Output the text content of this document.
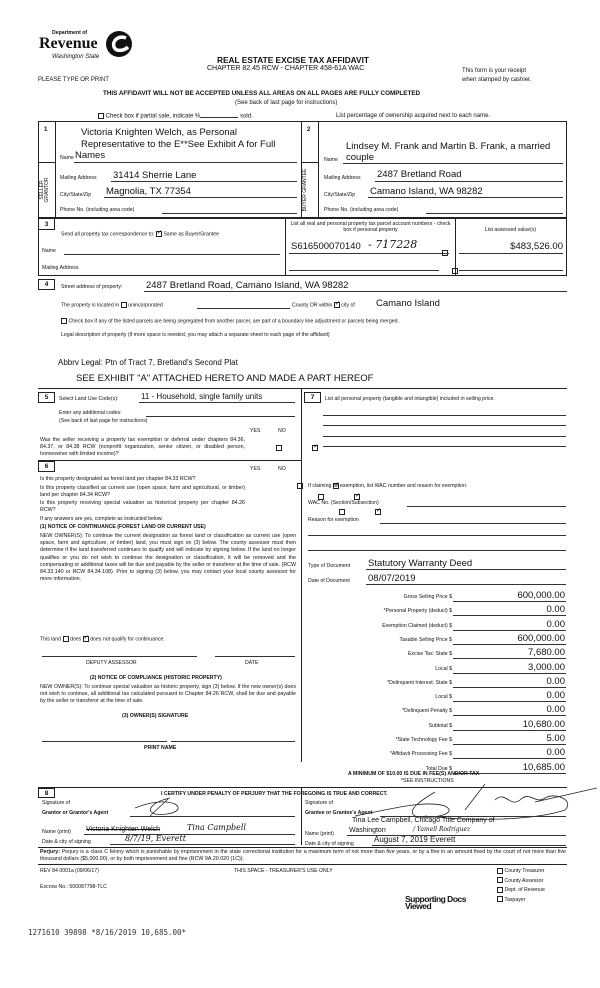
Department of
Revenue
Washington State
PLEASE TYPE OR PRINT
REAL ESTATE EXCISE TAX AFFIDAVIT
CHAPTER 82.45 RCW - CHAPTER 458-61A WAC	This form is your receipt
when stamped by cashier.
THIS AFFIDAVIT WILL NOT BE ACCEPTED UNLESS ALL AREAS ON ALL PAGES ARE FULLY COMPLETED
(See back of last page for instructions)
Check box if partial sale, indicate %	sold.	List percentage of ownership acquired next to each name.
1	2
SELLER GRANTOR	BUYER GRANTEE
Victoria Knighten Welch, as Personal
Representative to the E**See Exhibit A for Full
Name Names
Mailing Address 31414 Sherrie Lane
City/State/Zip Magnolia, TX 77354
Phone No. (including area code)
Lindsey M. Frank and Martin B. Frank, a married
Name couple
Mailing Address 2487 Bretland Road
City/State/Zip Camano Island, WA 98282
Phone No. (including area code)
3
Send all property tax correspondence to: ✓ Same as Buyer/Grantee
Name
Mailing Address
List all real and personal property tax parcel account numbers - check box if personal property	List assessed value(s)
S616500070140 - 717228
	$483,526.00

4	Street address of property: 2487 Bretland Road, Camano Island, WA 98282
The property is located in unincorporated	County OR within ✓ city of Camano Island
Check box if any of the listed parcels are being segregated from another parcel, are part of a boundary line adjustment or parcels being merged.
Legal description of property (if more space is needed, you may attach a separate sheet to each page of the affidavit)
Abbrv Legal: Ptn of Tract 7, Bretland's Second Plat
SEE EXHIBIT "A" ATTACHED HERETO AND MADE A PART HEREOF
5	Select Land Use Code(s):	11 - Household, single family units
Enter any additional codes:
(See back of last page for instructions)
YES	NO
Was the seller receiving a property tax exemption or deferral under chapters 84.36, 84.37, or 84.38 RCW (nonprofit organization, senior citizen, or disabled person, homeowner with limited income)?
✓
6	YES	NO
Is this property designated as forest land per chapter 84.33 RCW?
✓
Is this property classified as current use (open space, farm and agricultural, or timber) land per chapter 84.34 RCW?
✓
Is this property receiving special valuation as historical property per chapter 84.26 RCW?
✓
If any answers are yes, complete as instructed below.
(1) NOTICE OF CONTINUANCE (FOREST LAND OR CURRENT USE)
NEW OWNER(S): To continue the current designation as forest land or classification as current use (open space, farm and agriculture, or timber) land, you must sign on (3) below. The county assessor must then determine if the land transferred continues to qualify and will indicate by signing below. If the land no longer qualifies or you do not wish to continue the designation or classification, it will be removed and the compensating or additional taxes will be due and payable by the seller or transferor at the time of sale. (RCW 84.33.140 or RCW 84.34.108). Prior to signing (3) below, you may contact your local county assessor for more information.
This land does ✓ does not qualify for continuance.
DEPUTY ASSESSOR	DATE
(2) NOTICE OF COMPLIANCE (HISTORIC PROPERTY)
NEW OWNER(S): To continue special valuation as historic property, sign (3) below. If the new owner(s) does not wish to continue, all additional tax calculated pursuant to Chapter 84.26 RCW, shall be due and payable by the seller or transferor at the time of sale.
(3) OWNER(S) SIGNATURE
PRINT NAME
7	List all personal property (tangible and intangible) included in selling price.
If claiming an exemption, list WAC number and reason for exemption:
WAC No. (Section/Subsection)
Reason for exemption
Type of Document Statutory Warranty Deed
Date of Document 08/07/2019
Gross Selling Price $	600,000.00
*Personal Property (deduct) $	0.00
Exemption Claimed (deduct) $	0.00
Taxable Selling Price $	600,000.00
Excise Tax: State $	7,680.00
Local $	3,000.00
*Delinquent Interest: State $	0.00
Local $	0.00
*Delinquent Penalty $	0.00
Subtotal $	10,680.00
*State Technology Fee $	5.00
*Affidavit Processing Fee $	0.00
Total Due $	10,685.00
A MINIMUM OF $10.00 IS DUE IN FEE(S) AND/OR TAX
*SEE INSTRUCTIONS
8	I CERTIFY UNDER PENALTY OF PERJURY THAT THE FOREGOING IS TRUE AND CORRECT.
Signature of
Grantor or Grantor's Agent
Name (print) Victoria Knighten Welch	Tina Campbell
Date & city of signing	8/7/19, Everett
Signature of
Grantee or Grantee's Agent
Tina Lee Campbell, Chicago Title Company of
Name (print) Washington	/ Yamell Rodriguez
Date & city of signing	August 7, 2019 Everett
Perjury: Perjury is a class C felony which is punishable by imprisonment in the state correctional institution for a maximum term of not more than five years, or by a fine in an amount fixed by the court of not more than five thousand dollars ($5,000.00), or by both imprisonment and fine (RCW 9A.20.020 (1C)).
REV 84 0001a (09/06/17)	THIS SPACE - TREASURER'S USE ONLY
Escrow No.: 500087798-TLC
County Treasurer
County Assessor
Dept. of Revenue
Taxpayer
Supporting Docs Viewed
1271610 39898 *8/16/2019 10,685.00*
